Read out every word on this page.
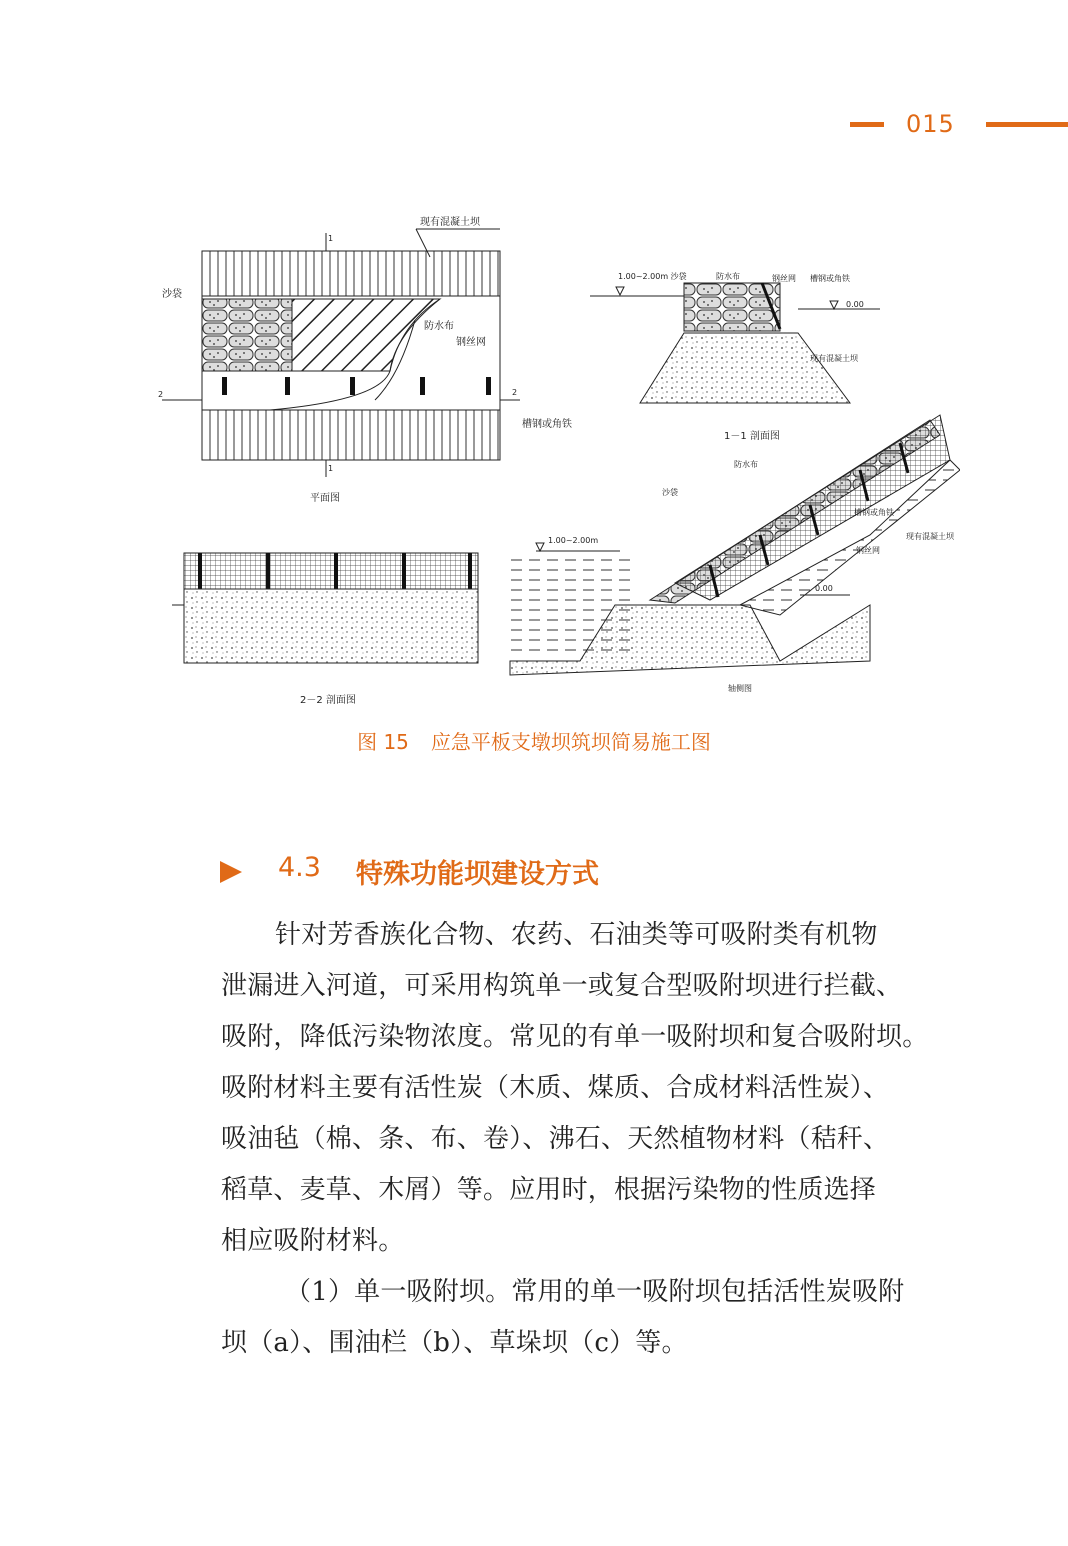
015
现有混凝土坝
沙袋
防水布
钢丝网
槽钢或角铁
平面图
1
1
2	2
1.00~2.00m 沙袋	防水布	钢丝网 槽钢或角铁
0.00
现有混凝土坝
1－1 剖面图
2－2 剖面图
1.00~2.00m
0.00
沙袋
防水布
槽钢或角铁
钢丝网
现有混凝土坝
轴侧图
图 15 应急平板支墩坝筑坝简易施工图
4.3 特殊功能坝建设方式
针对芳香族化合物、农药、石油类等可吸附类有机物
泄漏进入河道，可采用构筑单一或复合型吸附坝进行拦截、
吸附，降低污染物浓度。常见的有单一吸附坝和复合吸附坝。
吸附材料主要有活性炭（木质、煤质、合成材料活性炭）、
吸油毡（棉、条、布、卷）、沸石、天然植物材料（秸秆、
稻草、麦草、木屑）等。应用时，根据污染物的性质选择
相应吸附材料。
（1）单一吸附坝。常用的单一吸附坝包括活性炭吸附
坝（a）、围油栏（b）、草垛坝（c）等。
